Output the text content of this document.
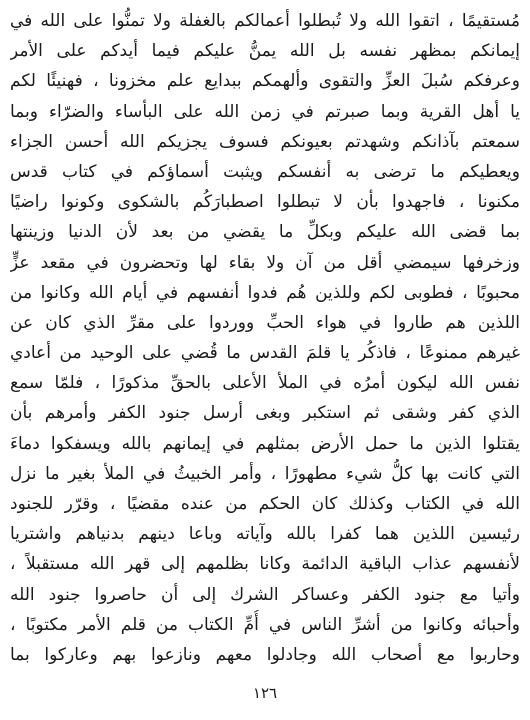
مُستقيمًا ، اتقوا الله ولا تُبطلوا أعمالكم بالغفلة ولا تمنُّوا على الله في
إيمانكم بمظهر نفسه بل الله يمنُّ عليكم فيما أيدكم على الأمر
وعرفكم سُبلَ العزِّ والتقوى وألهمكم ببدايع علم مخزونا ، فهنيئًا لكم
يا أهل القرية وبما صبرتم في زمن الله على البأساء والضرّاء وبما
سمعتم بآذانكم وشهدتم بعيونكم فسوف يجزيكم الله أحسن الجزاء
ويعطيكم ما ترضى به أنفسكم ويثبت أسماؤكم في كتاب قدس
مكنونا ، فاجهدوا بأن لا تبطلوا اصطبارَكُم بالشكوى وكونوا راضيًا
بما قضى الله عليكم وبكلِّ ما يقضي من بعد لأن الدنيا وزينتها
وزخرفها سيمضي أقل من آن ولا بقاء لها وتحضرون في مقعد عزٍّ
محبوبًا ، فطوبى لكم وللذين هُم فدوا أنفسهم في أيام الله وكانوا من
اللذين هم طاروا في هواء الحبِّ ووردوا على مقرِّ الذي كان عن
غيرهم ممنوعًا ، فاذكُر يا قلمَ القدس ما قُضي على الوحيد من أعادي
نفس الله ليكون أمرُه في الملأ الأعلى بالحقِّ مذكورًا ، فلمّا سمع
الذي كفر وشقى ثم استكبر وبغى أرسل جنود الكفر وأمرهم بأن
يقتلوا الذين ما حمل الأرض بمثلهم في إيمانهم بالله ويسفكوا دماءَ
التي كانت بها كلُّ شيء مطهورًا ، وأمر الخبيثُ في الملأ بغير ما نزل
الله في الكتاب وكذلك كان الحكم من عنده مقضيًا ، وقرّر للجنود
رئيسين اللذين هما كفرا بالله وآياته وباعا دينهم بدنياهم واشتريا
لأنفسهم عذاب الباقية الدائمة وكانا بظلمهم إلى قهر الله مستقبلاً ،
وأتيا مع جنود الكفر وعساكر الشرك إلى أن حاصروا جنود الله
وأحبائه وكانوا من أشرِّ الناس في أُمِّ الكتاب من قلم الأمر مكتوبًا ،
وحاربوا مع أصحاب الله وجادلوا معهم ونازعوا بهم وعاركوا بما
١٢٦
